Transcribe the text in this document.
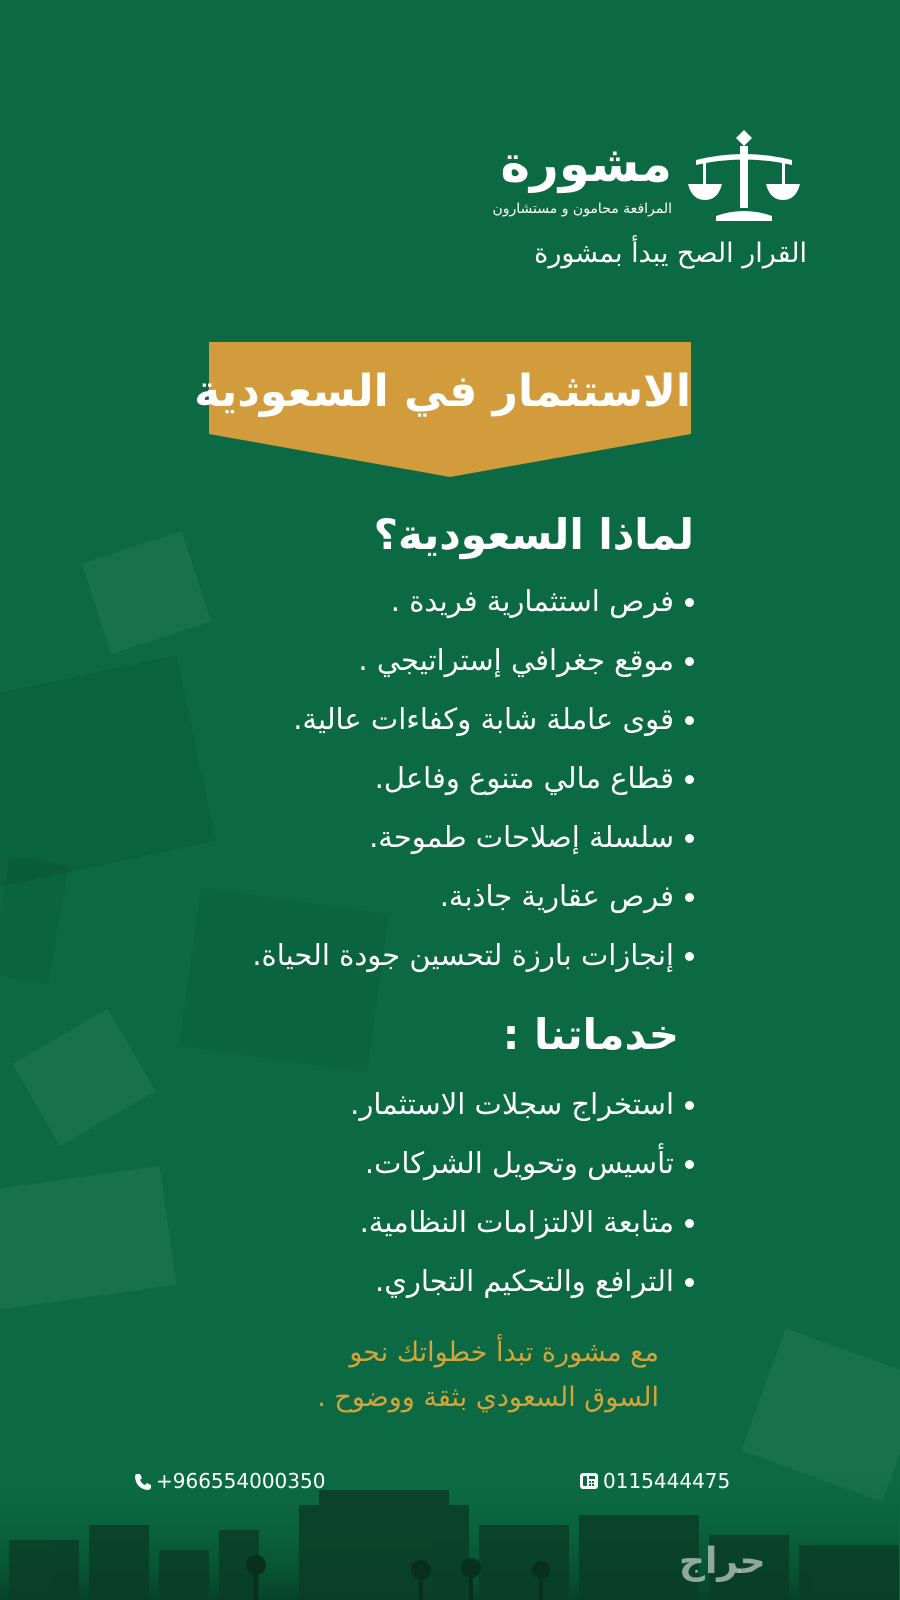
مشورة
المرافعة محامون و مستشارون
القرار الصح يبدأ بمشورة
الاستثمار في السعودية
لماذا السعودية؟
فرص استثمارية فريدة .
موقع جغرافي إستراتيجي .
قوى عاملة شابة وكفاءات عالية.
قطاع مالي متنوع وفاعل.
سلسلة إصلاحات طموحة.
فرص عقارية جاذبة.
إنجازات بارزة لتحسين جودة الحياة.
خدماتنا :
استخراج سجلات الاستثمار.
تأسيس وتحويل الشركات.
متابعة الالتزامات النظامية.
الترافع والتحكيم التجاري.
مع مشورة تبدأ خطواتك نحو
السوق السعودي بثقة ووضوح .
+966554000350	0115444475
حراج
